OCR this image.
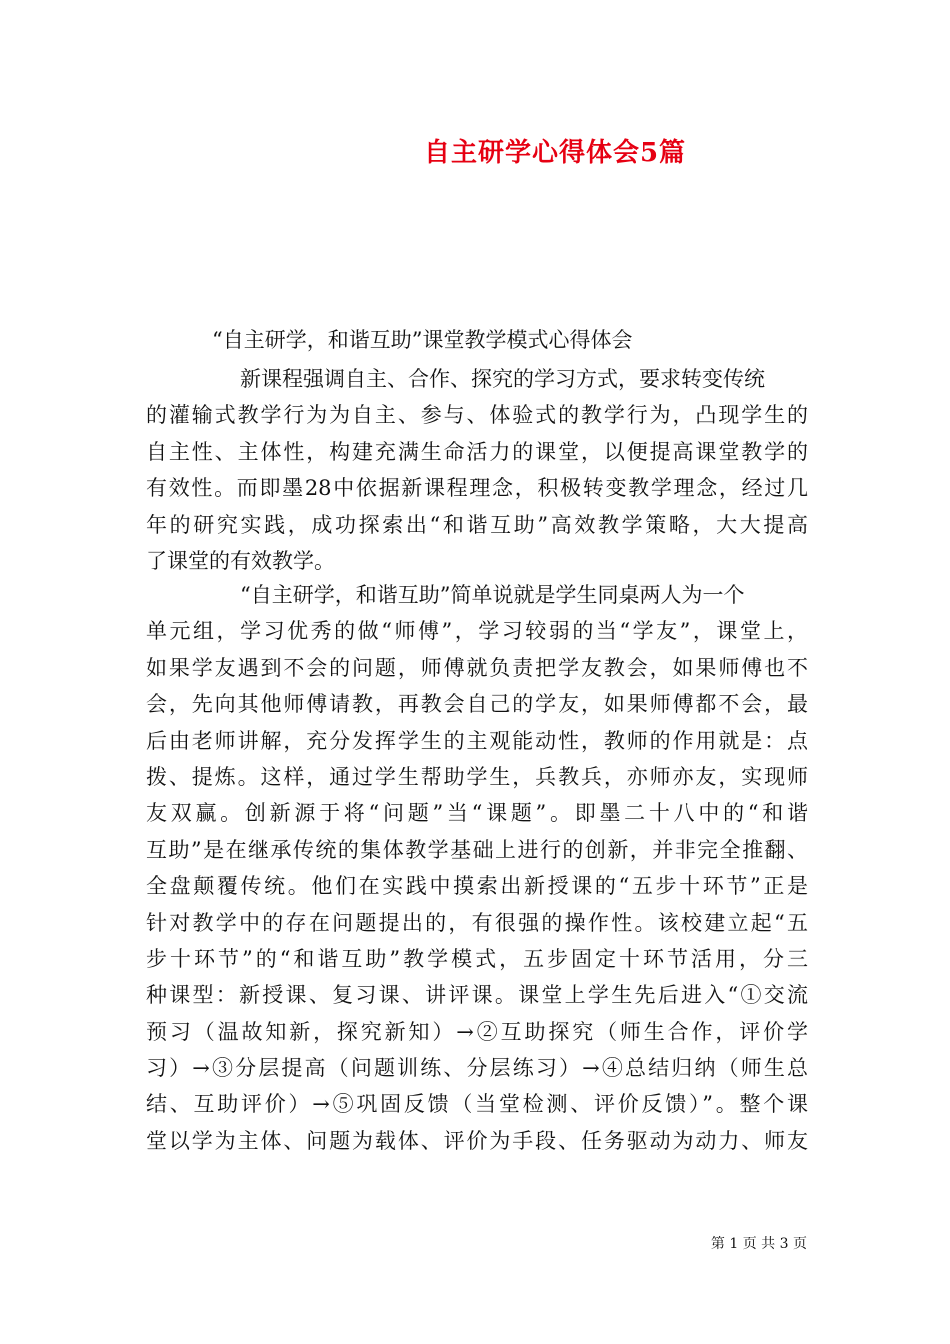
自主研学心得体会5篇
“自主研学，和谐互助”课堂教学模式心得体会
新课程强调自主、合作、探究的学习方式，要求转变传统
的灌输式教学行为为自主、参与、体验式的教学行为，凸现学生的
自主性、主体性，构建充满生命活力的课堂，以便提高课堂教学的
有效性。而即墨28中依据新课程理念，积极转变教学理念，经过几
年的研究实践，成功探索出“和谐互助”高效教学策略，大大提高
了课堂的有效教学。
“自主研学，和谐互助”简单说就是学生同桌两人为一个
单元组，学习优秀的做“师傅”，学习较弱的当“学友”，课堂上，
如果学友遇到不会的问题，师傅就负责把学友教会，如果师傅也不
会，先向其他师傅请教，再教会自己的学友，如果师傅都不会，最
后由老师讲解，充分发挥学生的主观能动性，教师的作用就是：点
拨、提炼。这样，通过学生帮助学生，兵教兵，亦师亦友，实现师
友双赢。创新源于将“问题”当“课题”。即墨二十八中的“和谐
互助”是在继承传统的集体教学基础上进行的创新，并非完全推翻、
全盘颠覆传统。他们在实践中摸索出新授课的“五步十环节”正是
针对教学中的存在问题提出的，有很强的操作性。该校建立起“五
步十环节”的“和谐互助”教学模式，五步固定十环节活用，分三
种课型：新授课、复习课、讲评课。课堂上学生先后进入“①交流
预习（温故知新，探究新知）→②互助探究（师生合作，评价学
习）→③分层提高（问题训练、分层练习）→④总结归纳（师生总
结、互助评价）→⑤巩固反馈（当堂检测、评价反馈）”。整个课
堂以学为主体、问题为载体、评价为手段、任务驱动为动力、师友
第 1 页 共 3 页
